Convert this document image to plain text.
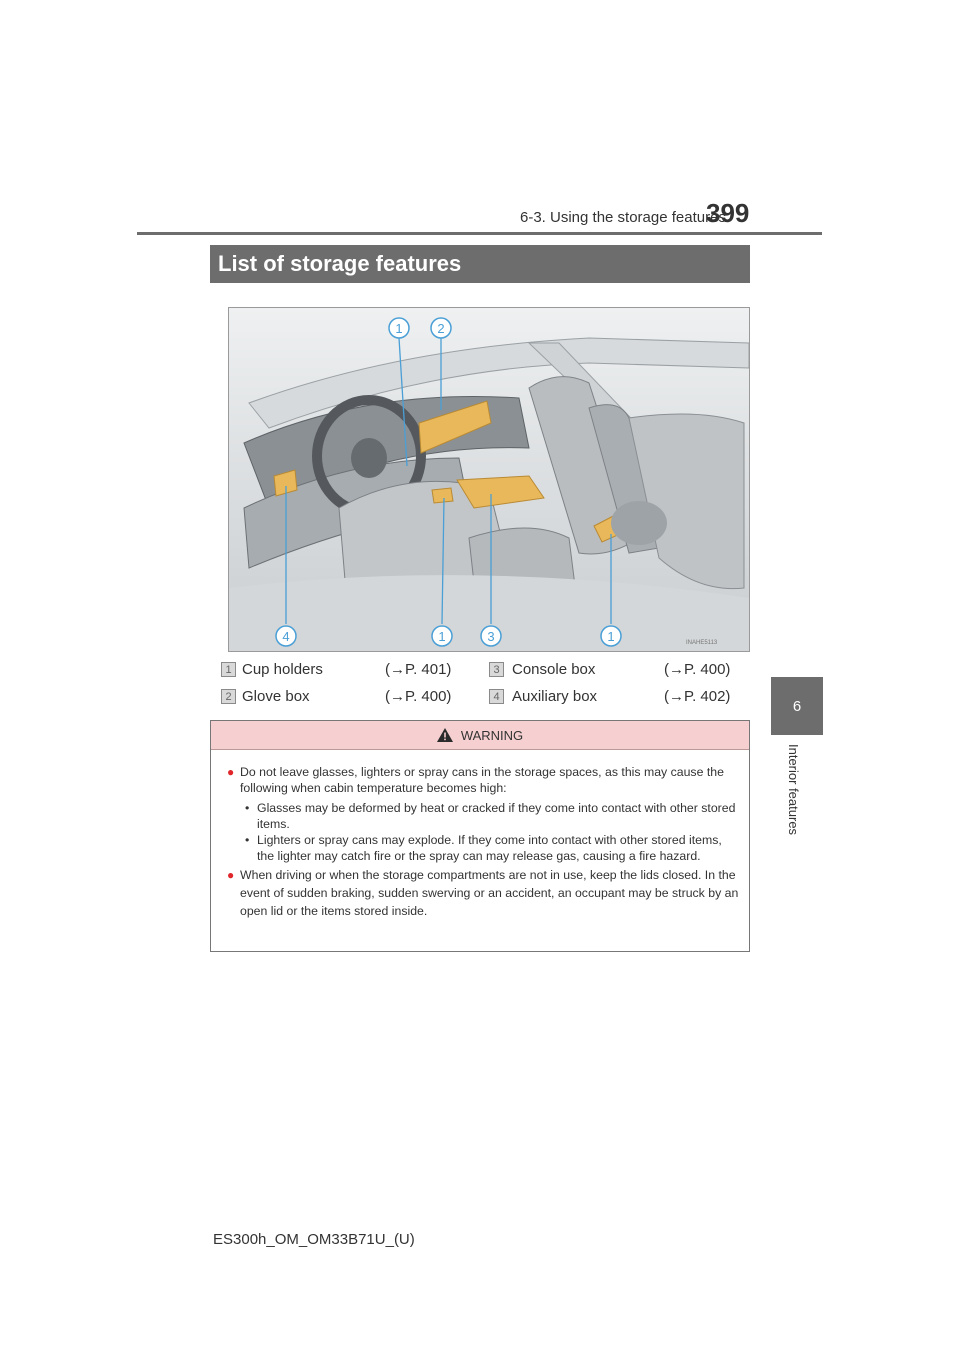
6-3. Using the storage features
399
6
Interior features
List of storage features
1	2
4	1	3	1	INAHE5113
1 Cup holders	(→P. 401)
2 Glove box	(→P. 400)
3 Console box	(→P. 400)
4 Auxiliary box	(→P. 402)
WARNING
● Do not leave glasses, lighters or spray cans in the storage spaces, as this may cause the following when cabin temperature becomes high:
• Glasses may be deformed by heat or cracked if they come into contact with other stored items.
• Lighters or spray cans may explode. If they come into contact with other stored items, the lighter may catch fire or the spray can may release gas, causing a fire hazard.
● When driving or when the storage compartments are not in use, keep the lids closed. In the event of sudden braking, sudden swerving or an accident, an occupant may be struck by an open lid or the items stored inside.
ES300h_OM_OM33B71U_(U)
